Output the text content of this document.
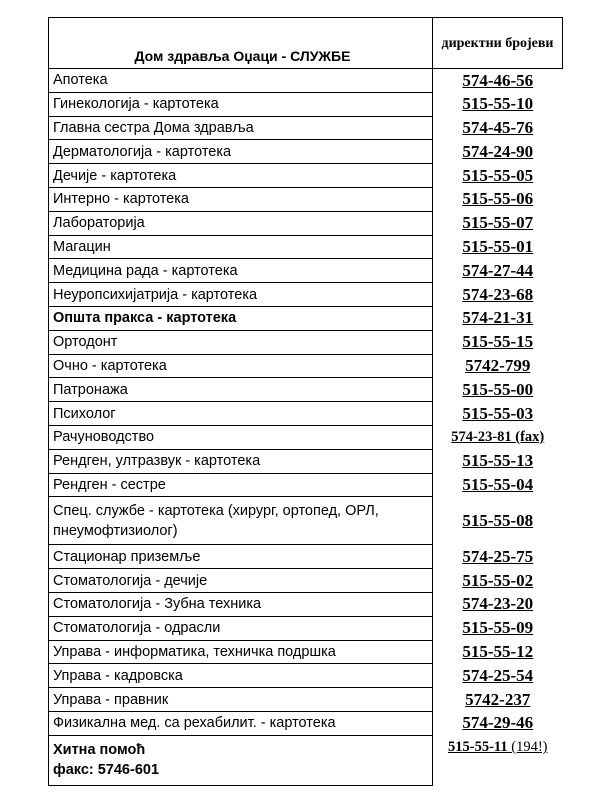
Дом здравља Оџаци - СЛУЖБЕ	директни бројеви
Апотека	574-46-56
Гинекологија - картотека	515-55-10
Главна сестра Дома здравља	574-45-76
Дерматологија - картотека	574-24-90
Дечије - картотека	515-55-05
Интерно - картотека	515-55-06
Лабораторија	515-55-07
Магацин	515-55-01
Медицина рада - картотека	574-27-44
Неуропсихијатрија - картотека	574-23-68
Општа пракса - картотека	574-21-31
Ортодонт	515-55-15
Очно - картотека	5742-799
Патронажа	515-55-00
Психолог	515-55-03
Рачуноводство	574-23-81 (fax)
Рендген, ултразвук - картотека	515-55-13
Рендген - сестре	515-55-04
Спец. службе - картотека (хирург, ортопед, ОРЛ, пнеумофтизиолог)	515-55-08
Стационар приземље	574-25-75
Стоматологија - дечије	515-55-02
Стоматологија - Зубна техника	574-23-20
Стоматологија - одрасли	515-55-09
Управа - информатика, техничка подршка	515-55-12
Управа - кадровска	574-25-54
Управа - правник	5742-237
Физикална мед. са рехабилит. - картотека	574-29-46

Хитна помоћ
факс: 5746-601	515-55-11 (194!)
